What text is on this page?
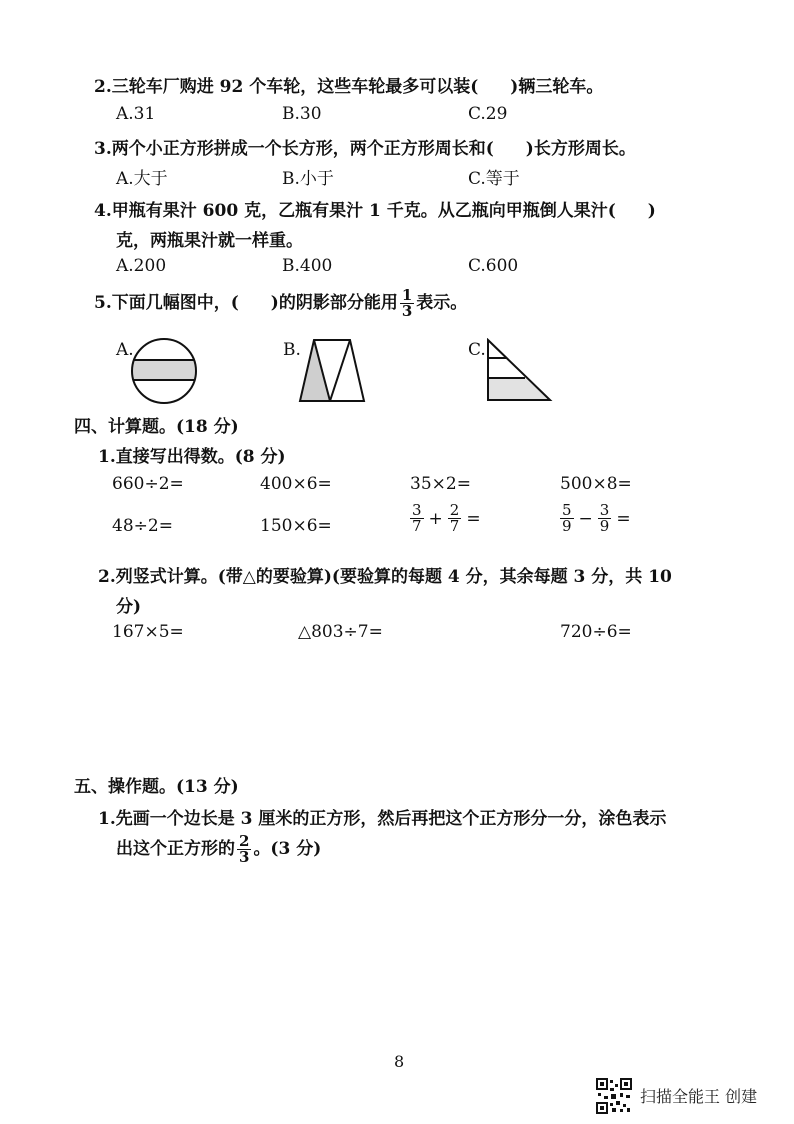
2.三轮车厂购进 92 个车轮，这些车轮最多可以装( )辆三轮车。
A.31	B.30	C.29
3.两个小正方形拼成一个长方形，两个正方形周长和( )长方形周长。
A.大于	B.小于	C.等于
4.甲瓶有果汁 600 克，乙瓶有果汁 1 千克。从乙瓶向甲瓶倒人果汁( )
克，两瓶果汁就一样重。
A.200	B.400	C.600
5.下面几幅图中，( )的阴影部分能用 $\frac{1}{3}$ 表示。
A.	B.	C.
四、计算题。(18 分)
1.直接写出得数。(8 分)
660÷2=	400×6=	35×2=	500×8=
48÷2=	150×6=	$\frac{3}{7} + \frac{2}{7}$ =	$\frac{5}{9} - \frac{3}{9}$ =
2.列竖式计算。(带△的要验算)(要验算的每题 4 分，其余每题 3 分，共 10
分)
167×5=	△803÷7=	720÷6=
五、操作题。(13 分)
1.先画一个边长是 3 厘米的正方形，然后再把这个正方形分一分，涂色表示
出这个正方形的 $\frac{2}{3}$ 。(3 分)
8
扫描全能王 创建
